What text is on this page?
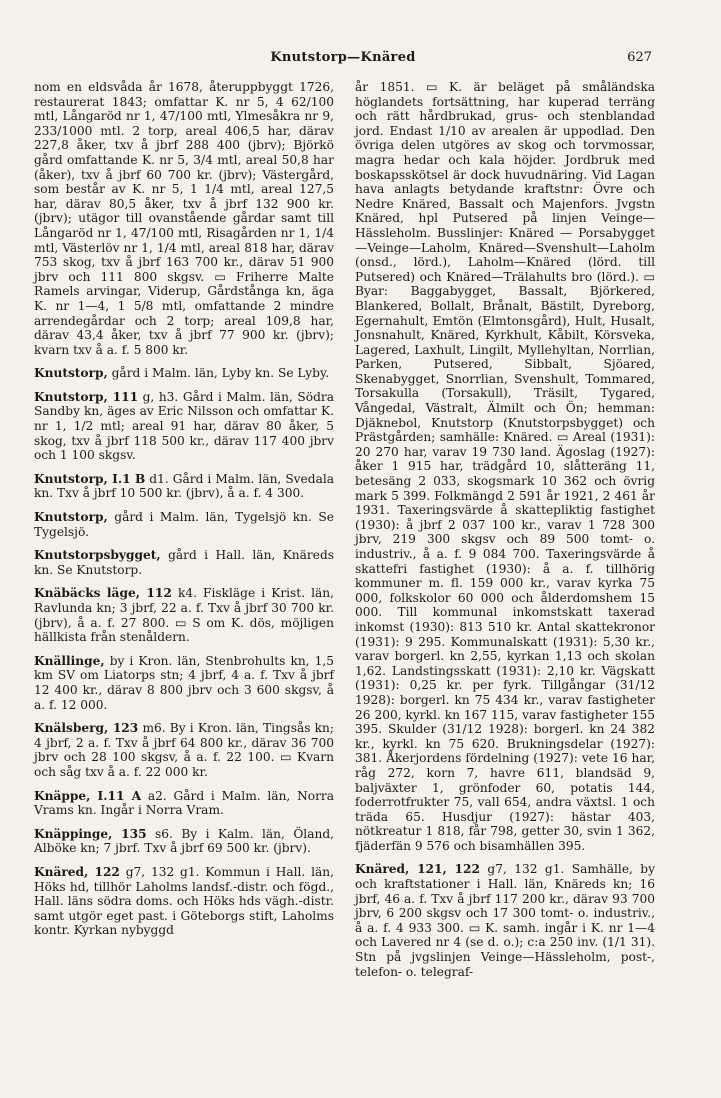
Knutstorp—Knäred	627

nom en eldsvåda år 1678, återuppbyggt 1726, restaurerat 1843; omfattar K. nr 5, 4 62/100 mtl, Långaröd nr 1, 47/100 mtl, Ylmesåkra nr 9, 233/1000 mtl. 2 torp, areal 406,5 har, därav 227,8 åker, txv å jbrf 288 400 (jbrv); Björkö gård omfattande K. nr 5, 3/4 mtl, areal 50,8 har (åker), txv å jbrf 60 700 kr. (jbrv); Västergård, som består av K. nr 5, 1 1/4 mtl, areal 127,5 har, därav 80,5 åker, txv å jbrf 132 900 kr. (jbrv); utägor till ovanstående gårdar samt till Långaröd nr 1, 47/100 mtl, Risagården nr 1, 1/4 mtl, Västerlöv nr 1, 1/4 mtl, areal 818 har, därav 753 skog, txv å jbrf 163 700 kr., därav 51 900 jbrv och 111 800 skgsv. ▭ Friherre Malte Ramels arvingar, Viderup, Gårdstånga kn, äga K. nr 1—4, 1 5/8 mtl, omfattande 2 mindre arrendegårdar och 2 torp; areal 109,8 har, därav 43,4 åker, txv å jbrf 77 900 kr. (jbrv); kvarn txv å a. f. 5 800 kr.

Knutstorp, gård i Malm. län, Lyby kn. Se Lyby.

Knutstorp, 111 g, h3. Gård i Malm. län, Södra Sandby kn, äges av Eric Nilsson och omfattar K. nr 1, 1/2 mtl; areal 91 har, därav 80 åker, 5 skog, txv å jbrf 118 500 kr., därav 117 400 jbrv och 1 100 skgsv.

Knutstorp, I.1 B d1. Gård i Malm. län, Svedala kn. Txv å jbrf 10 500 kr. (jbrv), å a. f. 4 300.

Knutstorp, gård i Malm. län, Tygelsjö kn. Se Tygelsjö.

Knutstorpsbygget, gård i Hall. län, Knäreds kn. Se Knutstorp.

Knäbäcks läge, 112 k4. Fiskläge i Krist. län, Ravlunda kn; 3 jbrf, 22 a. f. Txv å jbrf 30 700 kr. (jbrv), å a. f. 27 800. ▭ S om K. dös, möjligen hällkista från stenåldern.

Knällinge, by i Kron. län, Stenbrohults kn, 1,5 km SV om Liatorps stn; 4 jbrf, 4 a. f. Txv å jbrf 12 400 kr., därav 8 800 jbrv och 3 600 skgsv, å a. f. 12 000.

Knälsberg, 123 m6. By i Kron. län, Tingsås kn; 4 jbrf, 2 a. f. Txv å jbrf 64 800 kr., därav 36 700 jbrv och 28 100 skgsv, å a. f. 22 100. ▭ Kvarn och såg txv å a. f. 22 000 kr.

Knäppe, I.11 A a2. Gård i Malm. län, Norra Vrams kn. Ingår i Norra Vram.

Knäppinge, 135 s6. By i Kalm. län, Öland, Alböke kn; 7 jbrf. Txv å jbrf 69 500 kr. (jbrv).

Knäred, 122 g7, 132 g1. Kommun i Hall. län, Höks hd, tillhör Laholms landsf.-distr. och fögd., Hall. läns södra doms. och Höks hds vägh.-distr. samt utgör eget past. i Göteborgs stift, Laholms kontr. Kyrkan nybyggd

år 1851. ▭ K. är beläget på småländska höglandets fortsättning, har kuperad terräng och rätt hårdbrukad, grus- och stenblandad jord. Endast 1/10 av arealen är uppodlad. Den övriga delen utgöres av skog och torvmossar, magra hedar och kala höjder. Jordbruk med boskapsskötsel är dock huvudnäring. Vid Lagan hava anlagts betydande kraftstnr: Övre och Nedre Knäred, Bassalt och Majenfors. Jvgstn Knäred, hpl Putsered på linjen Veinge—Hässleholm. Busslinjer: Knäred — Porsabygget—Veinge—Laholm, Knäred—Svenshult—Laholm (onsd., lörd.), Laholm—Knäred (lörd. till Putsered) och Knäred—Trälahults bro (lörd.). ▭ Byar: Baggabygget, Bassalt, Björkered, Blankered, Bollalt, Brånalt, Bästilt, Dyreborg, Egernahult, Emtön (Elmtonsgård), Hult, Husalt, Jonsnahult, Knäred, Kyrkhult, Kåbilt, Körsveka, Lagered, Laxhult, Lingilt, Myllehyltan, Norrlian, Parken, Putsered, Sibbalt, Sjöared, Skenabygget, Snorrlian, Svenshult, Tommared, Torsakulla (Torsakull), Träsilt, Tygared, Vångedal, Västralt, Älmilt och Ön; hemman: Djäknebol, Knutstorp (Knutstorpsbygget) och Prästgården; samhälle: Knäred. ▭ Areal (1931): 20 270 har, varav 19 730 land. Ägoslag (1927): åker 1 915 har, trädgård 10, slåtteräng 11, betesäng 2 033, skogsmark 10 362 och övrig mark 5 399. Folkmängd 2 591 år 1921, 2 461 år 1931. Taxeringsvärde å skattepliktig fastighet (1930): å jbrf 2 037 100 kr., varav 1 728 300 jbrv, 219 300 skgsv och 89 500 tomt- o. industriv., å a. f. 9 084 700. Taxeringsvärde å skattefri fastighet (1930): å a. f. tillhörig kommuner m. fl. 159 000 kr., varav kyrka 75 000, folkskolor 60 000 och ålderdomshem 15 000. Till kommunal inkomstskatt taxerad inkomst (1930): 813 510 kr. Antal skattekronor (1931): 9 295. Kommunalskatt (1931): 5,30 kr., varav borgerl. kn 2,55, kyrkan 1,13 och skolan 1,62. Landstingsskatt (1931): 2,10 kr. Vägskatt (1931): 0,25 kr. per fyrk. Tillgångar (31/12 1928): borgerl. kn 75 434 kr., varav fastigheter 26 200, kyrkl. kn 167 115, varav fastigheter 155 395. Skulder (31/12 1928): borgerl. kn 24 382 kr., kyrkl. kn 75 620. Brukningsdelar (1927): 381. Åkerjordens fördelning (1927): vete 16 har, råg 272, korn 7, havre 611, blandsäd 9, baljväxter 1, grönfoder 60, potatis 144, foderrotfrukter 75, vall 654, andra växtsl. 1 och träda 65. Husdjur (1927): hästar 403, nötkreatur 1 818, får 798, getter 30, svin 1 362, fjäderfän 9 576 och bisamhällen 395.

Knäred, 121, 122 g7, 132 g1. Samhälle, by och kraftstationer i Hall. län, Knäreds kn; 16 jbrf, 46 a. f. Txv å jbrf 117 200 kr., därav 93 700 jbrv, 6 200 skgsv och 17 300 tomt- o. industriv., å a. f. 4 933 300. ▭ K. samh. ingår i K. nr 1—4 och Lavered nr 4 (se d. o.); c:a 250 inv. (1/1 31). Stn på jvgslinjen Veinge—Hässleholm, post-, telefon- o. telegraf-
